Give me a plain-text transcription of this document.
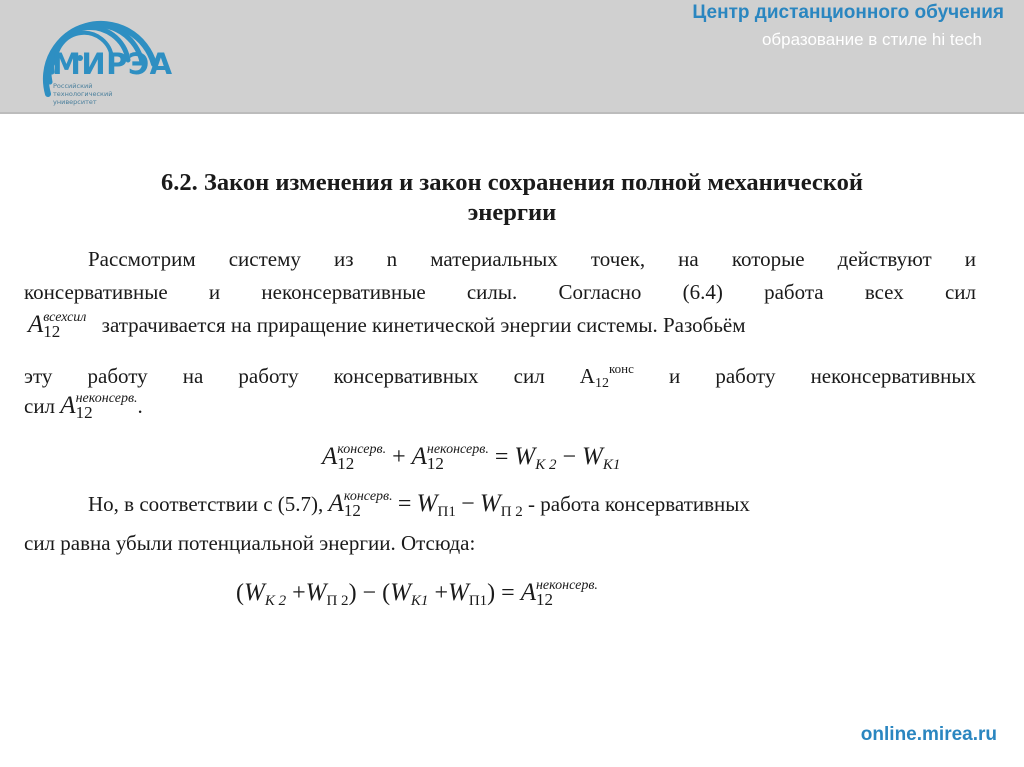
МИРЭА
Российский технологический университет
Центр дистанционного обучения
образование в стиле hi tech
6.2. Закон изменения и закон сохранения полной механической
энергии
Рассмотрим систему из n материальных точек, на которые действуют и
консервативные и неконсервативные силы. Согласно (6.4) работа всех сил
A всехсил
12	затрачивается на приращение кинетической энергии системы. Разобьём
эту работу на работу консервативных сил $А12^{конс}$ и работу неконсервативных
сил A неконсерв.
12	.
A консерв.
12	+ A неконсерв.
12	= $W_{K 2} - W_{K1}$
Но, в соответствии с (5.7), A консерв.
12	= $W_{П1} - W_{П 2}$ - работа консервативных
сил равна убыли потенциальной энергии. Отсюда:
$(W_{K 2} +W_{П 2}) - (W_{K1} +W_{П1}) = A$ неконсерв.
12
online.mirea.ru
